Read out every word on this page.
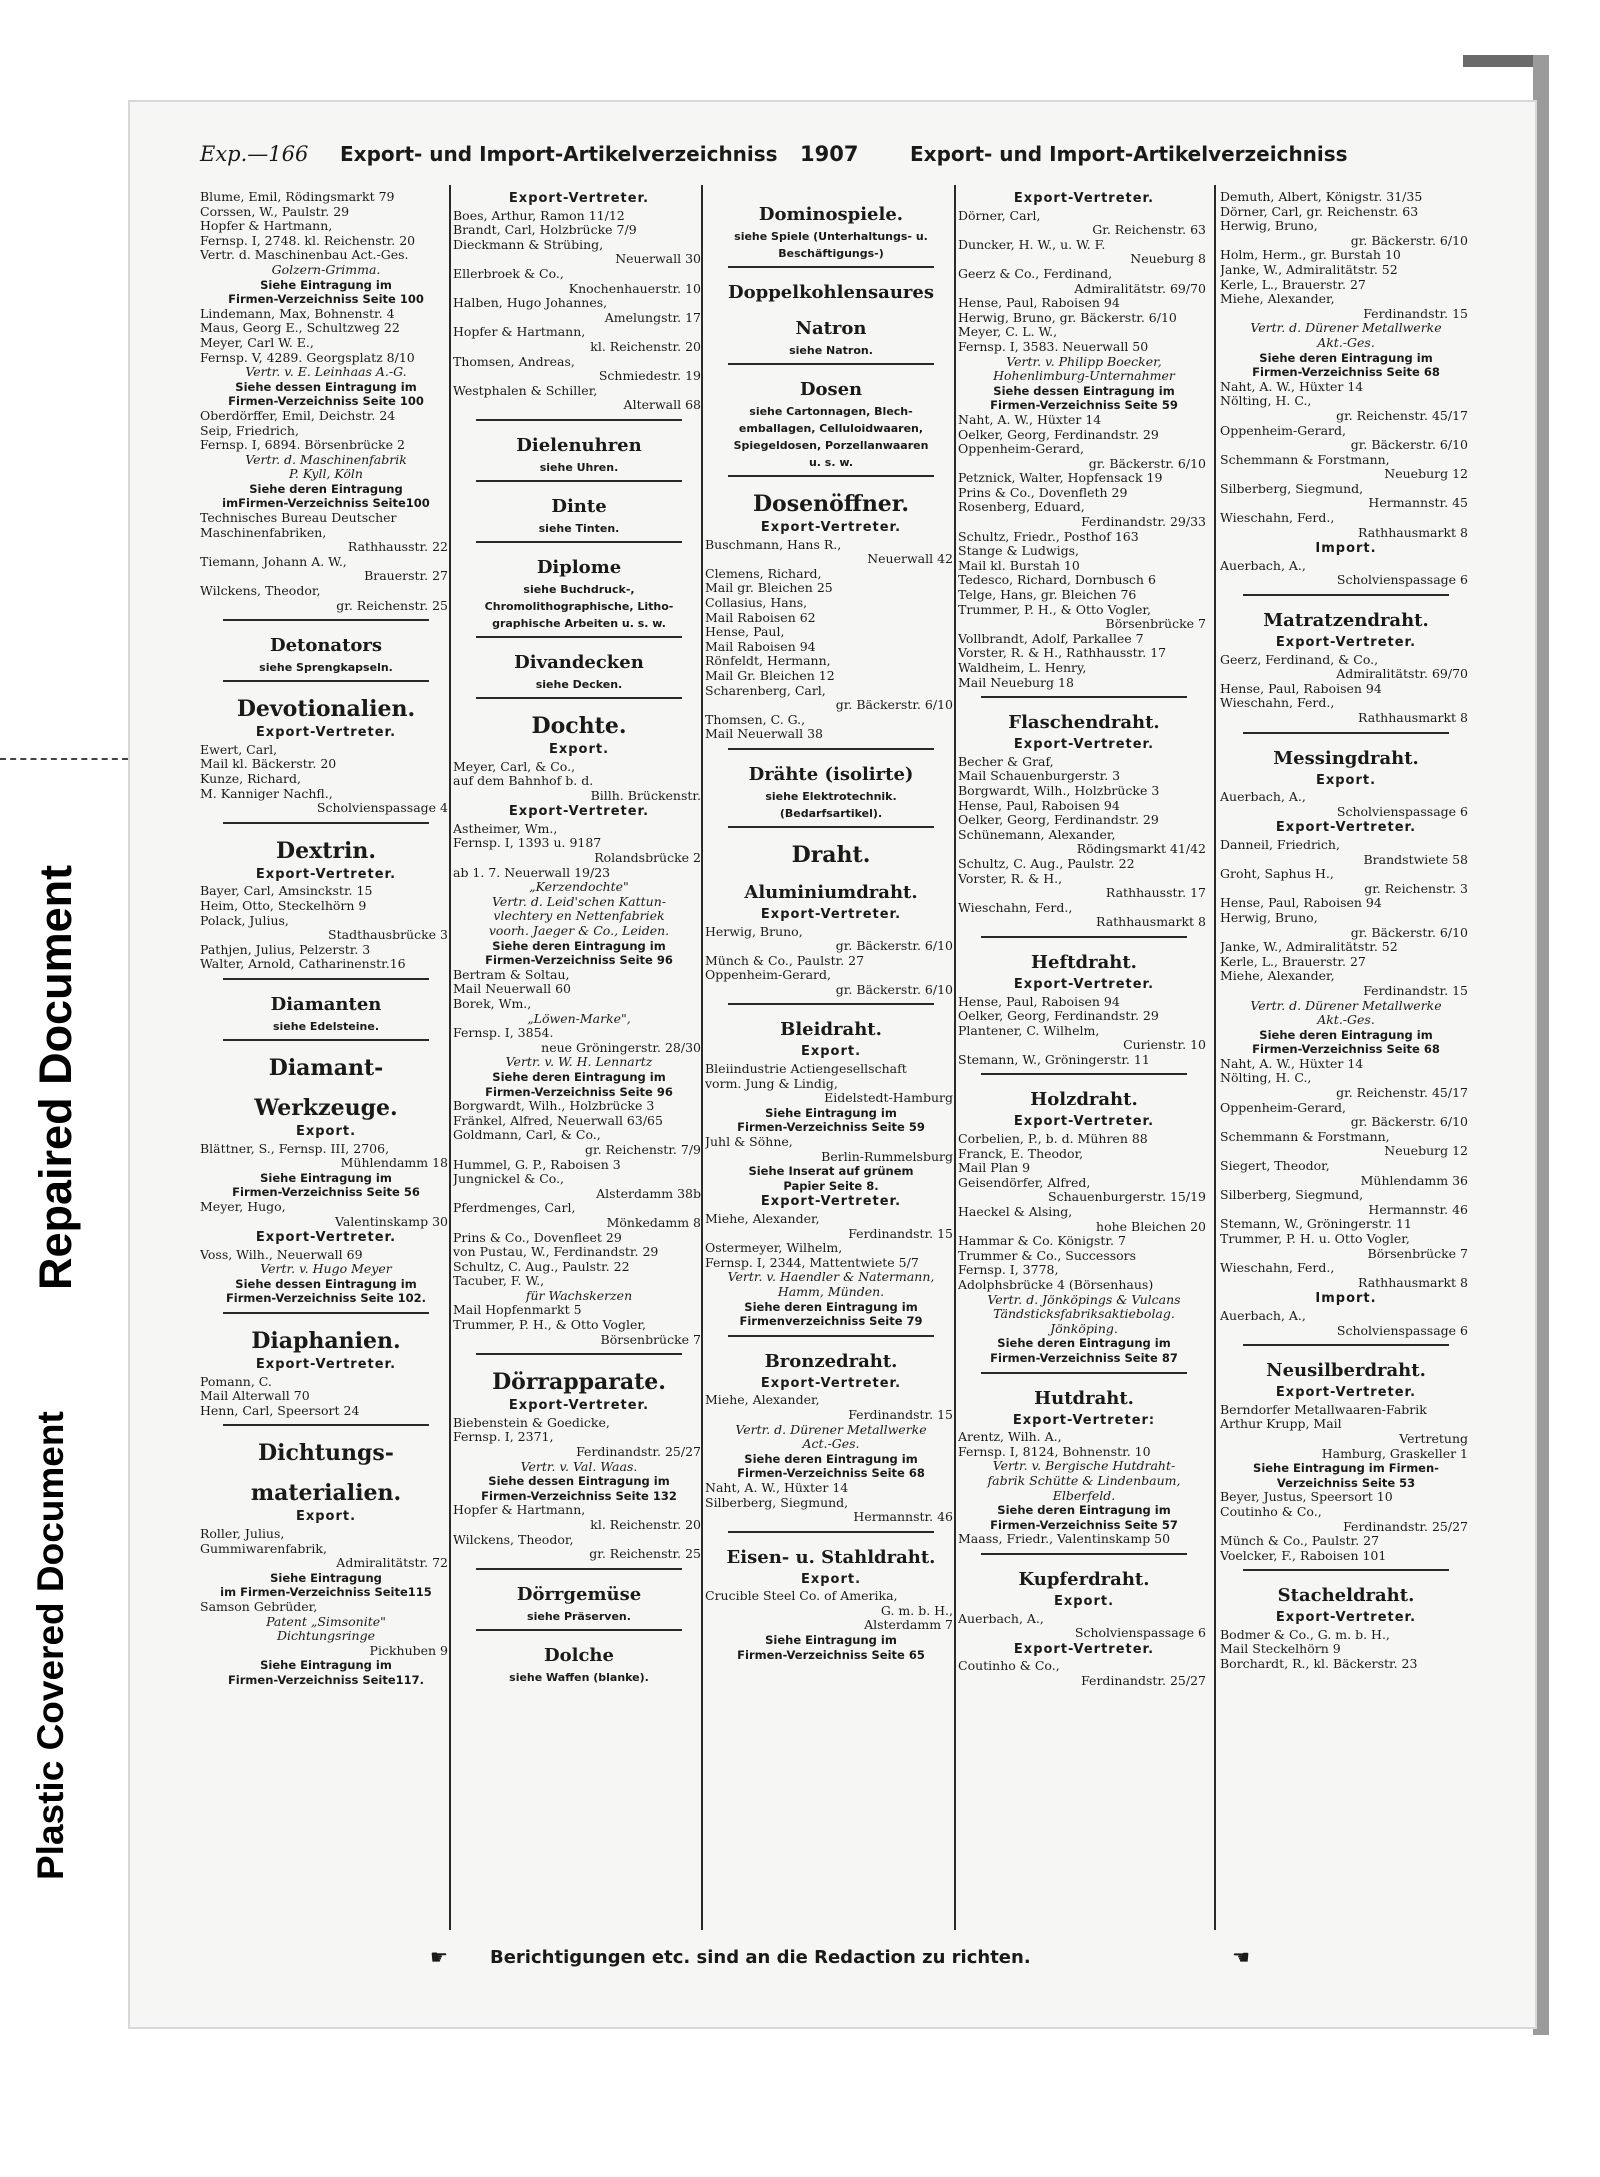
Plastic Covered Document
Repaired Document
Exp.—166 Export- und Import-Artikelverzeichniss 1907	Export- und Import-Artikelverzeichniss
Blume, Emil, Rödingsmarkt 79
Corssen, W., Paulstr. 29
Hopfer & Hartmann,
Fernsp. I, 2748. kl. Reichenstr. 20
Vertr. d. Maschinenbau Act.-Ges.
Golzern-Grimma.
Siehe Eintragung im
Firmen-Verzeichniss Seite 100
Lindemann, Max, Bohnenstr. 4
Maus, Georg E., Schultzweg 22
Meyer, Carl W. E.,
Fernsp. V, 4289. Georgsplatz 8/10
Vertr. v. E. Leinhaas A.-G.
Siehe dessen Eintragung im
Firmen-Verzeichniss Seite 100
Oberdörffer, Emil, Deichstr. 24
Seip, Friedrich,
Fernsp. I, 6894. Börsenbrücke 2
Vertr. d. Maschinenfabrik
P. Kyll, Köln
Siehe deren Eintragung
imFirmen-Verzeichniss Seite100
Technisches Bureau Deutscher
Maschinenfabriken,
Rathhausstr. 22
Tiemann, Johann A. W.,
Brauerstr. 27
Wilckens, Theodor,
gr. Reichenstr. 25
Detonators
siehe Sprengkapseln.
Devotionalien.
Export-Vertreter.
Ewert, Carl,
Mail kl. Bäckerstr. 20
Kunze, Richard,
M. Kanniger Nachfl.,
Scholvienspassage 4
Dextrin.
Export-Vertreter.
Bayer, Carl, Amsinckstr. 15
Heim, Otto, Steckelhörn 9
Polack, Julius,
Stadthausbrücke 3
Pathjen, Julius, Pelzerstr. 3
Walter, Arnold, Catharinenstr.16
Diamanten
siehe Edelsteine.
Diamant-
Werkzeuge.
Export.
Blättner, S., Fernsp. III, 2706,
Mühlendamm 18
Siehe Eintragung im
Firmen-Verzeichniss Seite 56
Meyer, Hugo,
Valentinskamp 30
Export-Vertreter.
Voss, Wilh., Neuerwall 69
Vertr. v. Hugo Meyer
Siehe dessen Eintragung im
Firmen-Verzeichniss Seite 102.
Diaphanien.
Export-Vertreter.
Pomann, C.
Mail Alterwall 70
Henn, Carl, Speersort 24
Dichtungs-
materialien.
Export.
Roller, Julius,
Gummiwarenfabrik,
Admiralitätstr. 72
Siehe Eintragung
im Firmen-Verzeichniss Seite115
Samson Gebrüder,
Patent „Simsonite"
Dichtungsringe
Pickhuben 9
Siehe Eintragung im
Firmen-Verzeichniss Seite117.
Export-Vertreter.
Boes, Arthur, Ramon 11/12
Brandt, Carl, Holzbrücke 7/9
Dieckmann & Strübing,
Neuerwall 30
Ellerbroek & Co.,
Knochenhauerstr. 10
Halben, Hugo Johannes,
Amelungstr. 17
Hopfer & Hartmann,
kl. Reichenstr. 20
Thomsen, Andreas,
Schmiedestr. 19
Westphalen & Schiller,
Alterwall 68
Dielenuhren
siehe Uhren.
Dinte
siehe Tinten.
Diplome
siehe Buchdruck-,
Chromolithographische, Litho-
graphische Arbeiten u. s. w.
Divandecken
siehe Decken.
Dochte.
Export.
Meyer, Carl, & Co.,
auf dem Bahnhof b. d.
Billh. Brückenstr.
Export-Vertreter.
Astheimer, Wm.,
Fernsp. I, 1393 u. 9187
Rolandsbrücke 2
ab 1. 7. Neuerwall 19/23
„Kerzendochte"
Vertr. d. Leid'schen Kattun-
vlechtery en Nettenfabriek
voorh. Jaeger & Co., Leiden.
Siehe deren Eintragung im
Firmen-Verzeichniss Seite 96
Bertram & Soltau,
Mail Neuerwall 60
Borek, Wm.,
„Löwen-Marke",
Fernsp. I, 3854.
neue Gröningerstr. 28/30
Vertr. v. W. H. Lennartz
Siehe deren Eintragung im
Firmen-Verzeichniss Seite 96
Borgwardt, Wilh., Holzbrücke 3
Fränkel, Alfred, Neuerwall 63/65
Goldmann, Carl, & Co.,
gr. Reichenstr. 7/9
Hummel, G. P., Raboisen 3
Jungnickel & Co.,
Alsterdamm 38b
Pferdmenges, Carl,
Mönkedamm 8
Prins & Co., Dovenfleet 29
von Pustau, W., Ferdinandstr. 29
Schultz, C. Aug., Paulstr. 22
Tacuber, F. W.,
für Wachskerzen
Mail Hopfenmarkt 5
Trummer, P. H., & Otto Vogler,
Börsenbrücke 7
Dörrapparate.
Export-Vertreter.
Biebenstein & Goedicke,
Fernsp. I, 2371,
Ferdinandstr. 25/27
Vertr. v. Val. Waas.
Siehe dessen Eintragung im
Firmen-Verzeichniss Seite 132
Hopfer & Hartmann,
kl. Reichenstr. 20
Wilckens, Theodor,
gr. Reichenstr. 25
Dörrgemüse
siehe Präserven.
Dolche
siehe Waffen (blanke).
Dominospiele.
siehe Spiele (Unterhaltungs- u.
Beschäftigungs-)
Doppelkohlensaures
Natron
siehe Natron.
Dosen
siehe Cartonnagen, Blech-
emballagen, Celluloidwaaren,
Spiegeldosen, Porzellanwaaren
u. s. w.
Dosenöffner.
Export-Vertreter.
Buschmann, Hans R.,
Neuerwall 42
Clemens, Richard,
Mail gr. Bleichen 25
Collasius, Hans,
Mail Raboisen 62
Hense, Paul,
Mail Raboisen 94
Rönfeldt, Hermann,
Mail Gr. Bleichen 12
Scharenberg, Carl,
gr. Bäckerstr. 6/10
Thomsen, C. G.,
Mail Neuerwall 38
Drähte (isolirte)
siehe Elektrotechnik.
(Bedarfsartikel).
Draht.
Aluminiumdraht.
Export-Vertreter.
Herwig, Bruno,
gr. Bäckerstr. 6/10
Münch & Co., Paulstr. 27
Oppenheim-Gerard,
gr. Bäckerstr. 6/10
Bleidraht.
Export.
Bleiindustrie Actiengesellschaft
vorm. Jung & Lindig,
Eidelstedt-Hamburg
Siehe Eintragung im
Firmen-Verzeichniss Seite 59
Juhl & Söhne,
Berlin-Rummelsburg
Siehe Inserat auf grünem
Papier Seite 8.
Export-Vertreter.
Miehe, Alexander,
Ferdinandstr. 15
Ostermeyer, Wilhelm,
Fernsp. I, 2344, Mattentwiete 5/7
Vertr. v. Haendler & Natermann,
Hamm, Münden.
Siehe deren Eintragung im
Firmenverzeichniss Seite 79
Bronzedraht.
Export-Vertreter.
Miehe, Alexander,
Ferdinandstr. 15
Vertr. d. Dürener Metallwerke
Act.-Ges.
Siehe deren Eintragung im
Firmen-Verzeichniss Seite 68
Naht, A. W., Hüxter 14
Silberberg, Siegmund,
Hermannstr. 46
Eisen- u. Stahldraht.
Export.
Crucible Steel Co. of Amerika,
G. m. b. H.,
Alsterdamm 7
Siehe Eintragung im
Firmen-Verzeichniss Seite 65
Export-Vertreter.
Dörner, Carl,
Gr. Reichenstr. 63
Duncker, H. W., u. W. F.
Neueburg 8
Geerz & Co., Ferdinand,
Admiralitätstr. 69/70
Hense, Paul, Raboisen 94
Herwig, Bruno, gr. Bäckerstr. 6/10
Meyer, C. L. W.,
Fernsp. I, 3583. Neuerwall 50
Vertr. v. Philipp Boecker,
Hohenlimburg-Unternahmer
Siehe dessen Eintragung im
Firmen-Verzeichniss Seite 59
Naht, A. W., Hüxter 14
Oelker, Georg, Ferdinandstr. 29
Oppenheim-Gerard,
gr. Bäckerstr. 6/10
Petznick, Walter, Hopfensack 19
Prins & Co., Dovenfleth 29
Rosenberg, Eduard,
Ferdinandstr. 29/33
Schultz, Friedr., Posthof 163
Stange & Ludwigs,
Mail kl. Burstah 10
Tedesco, Richard, Dornbusch 6
Telge, Hans, gr. Bleichen 76
Trummer, P. H., & Otto Vogler,
Börsenbrücke 7
Vollbrandt, Adolf, Parkallee 7
Vorster, R. & H., Rathhausstr. 17
Waldheim, L. Henry,
Mail Neueburg 18
Flaschendraht.
Export-Vertreter.
Becher & Graf,
Mail Schauenburgerstr. 3
Borgwardt, Wilh., Holzbrücke 3
Hense, Paul, Raboisen 94
Oelker, Georg, Ferdinandstr. 29
Schünemann, Alexander,
Rödingsmarkt 41/42
Schultz, C. Aug., Paulstr. 22
Vorster, R. & H.,
Rathhausstr. 17
Wieschahn, Ferd.,
Rathhausmarkt 8
Heftdraht.
Export-Vertreter.
Hense, Paul, Raboisen 94
Oelker, Georg, Ferdinandstr. 29
Plantener, C. Wilhelm,
Curienstr. 10
Stemann, W., Gröningerstr. 11
Holzdraht.
Export-Vertreter.
Corbelien, P., b. d. Mühren 88
Franck, E. Theodor,
Mail Plan 9
Geisendörfer, Alfred,
Schauenburgerstr. 15/19
Haeckel & Alsing,
hohe Bleichen 20
Hammar & Co. Königstr. 7
Trummer & Co., Successors
Fernsp. I, 3778,
Adolphsbrücke 4 (Börsenhaus)
Vertr. d. Jönköpings & Vulcans
Tändsticksfabriksaktiebolag.
Jönköping.
Siehe deren Eintragung im
Firmen-Verzeichniss Seite 87
Hutdraht.
Export-Vertreter:
Arentz, Wilh. A.,
Fernsp. I, 8124, Bohnenstr. 10
Vertr. v. Bergische Hutdraht-
fabrik Schütte & Lindenbaum,
Elberfeld.
Siehe deren Eintragung im
Firmen-Verzeichniss Seite 57
Maass, Friedr., Valentinskamp 50
Kupferdraht.
Export.
Auerbach, A.,
Scholvienspassage 6
Export-Vertreter.
Coutinho & Co.,
Ferdinandstr. 25/27
Demuth, Albert, Königstr. 31/35
Dörner, Carl, gr. Reichenstr. 63
Herwig, Bruno,
gr. Bäckerstr. 6/10
Holm, Herm., gr. Burstah 10
Janke, W., Admiralitätstr. 52
Kerle, L., Brauerstr. 27
Miehe, Alexander,
Ferdinandstr. 15
Vertr. d. Dürener Metallwerke
Akt.-Ges.
Siehe deren Eintragung im
Firmen-Verzeichniss Seite 68
Naht, A. W., Hüxter 14
Nölting, H. C.,
gr. Reichenstr. 45/17
Oppenheim-Gerard,
gr. Bäckerstr. 6/10
Schemmann & Forstmann,
Neueburg 12
Silberberg, Siegmund,
Hermannstr. 45
Wieschahn, Ferd.,
Rathhausmarkt 8
Import.
Auerbach, A.,
Scholvienspassage 6
Matratzendraht.
Export-Vertreter.
Geerz, Ferdinand, & Co.,
Admiralitätstr. 69/70
Hense, Paul, Raboisen 94
Wieschahn, Ferd.,
Rathhausmarkt 8
Messingdraht.
Export.
Auerbach, A.,
Scholvienspassage 6
Export-Vertreter.
Danneil, Friedrich,
Brandstwiete 58
Groht, Saphus H.,
gr. Reichenstr. 3
Hense, Paul, Raboisen 94
Herwig, Bruno,
gr. Bäckerstr. 6/10
Janke, W., Admiralitätstr. 52
Kerle, L., Brauerstr. 27
Miehe, Alexander,
Ferdinandstr. 15
Vertr. d. Dürener Metallwerke
Akt.-Ges.
Siehe deren Eintragung im
Firmen-Verzeichniss Seite 68
Naht, A. W., Hüxter 14
Nölting, H. C.,
gr. Reichenstr. 45/17
Oppenheim-Gerard,
gr. Bäckerstr. 6/10
Schemmann & Forstmann,
Neueburg 12
Siegert, Theodor,
Mühlendamm 36
Silberberg, Siegmund,
Hermannstr. 46
Stemann, W., Gröningerstr. 11
Trummer, P. H. u. Otto Vogler,
Börsenbrücke 7
Wieschahn, Ferd.,
Rathhausmarkt 8
Import.
Auerbach, A.,
Scholvienspassage 6
Neusilberdraht.
Export-Vertreter.
Berndorfer Metallwaaren-Fabrik
Arthur Krupp, Mail
Vertretung
Hamburg, Graskeller 1
Siehe Eintragung im Firmen-
Verzeichniss Seite 53
Beyer, Justus, Speersort 10
Coutinho & Co.,
Ferdinandstr. 25/27
Münch & Co., Paulstr. 27
Voelcker, F., Raboisen 101
Stacheldraht.
Export-Vertreter.
Bodmer & Co., G. m. b. H.,
Mail Steckelhörn 9
Borchardt, R., kl. Bäckerstr. 23
☛ Berichtigungen etc. sind an die Redaction zu richten.	☚
